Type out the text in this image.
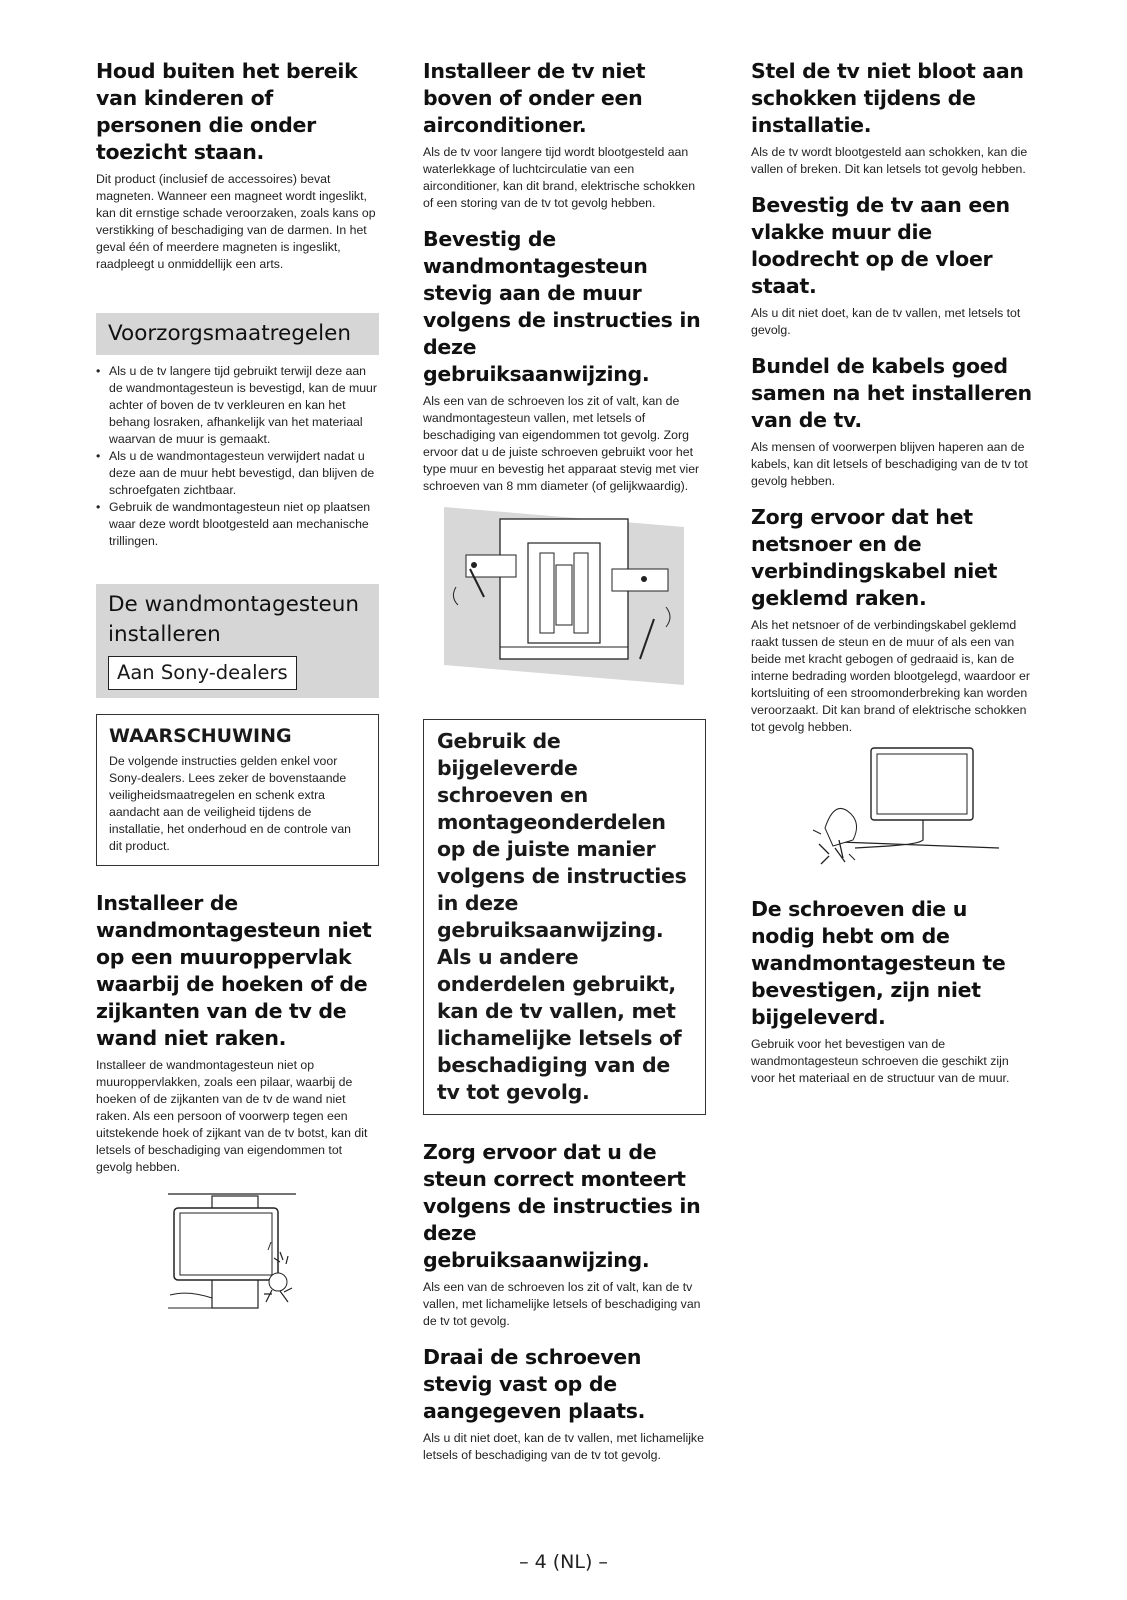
Houd buiten het bereik van kinderen of personen die onder toezicht staan.

Dit product (inclusief de accessoires) bevat magneten. Wanneer een magneet wordt ingeslikt, kan dit ernstige schade veroorzaken, zoals kans op verstikking of beschadiging van de darmen. In het geval één of meerdere magneten is ingeslikt, raadpleegt u onmiddellijk een arts.

Voorzorgsmaatregelen
• Als u de tv langere tijd gebruikt terwijl deze aan de wandmontagesteun is bevestigd, kan de muur achter of boven de tv verkleuren en kan het behang losraken, afhankelijk van het materiaal waarvan de muur is gemaakt.
• Als u de wandmontagesteun verwijdert nadat u deze aan de muur hebt bevestigd, dan blijven de schroefgaten zichtbaar.
• Gebruik de wandmontagesteun niet op plaatsen waar deze wordt blootgesteld aan mechanische trillingen.
De wandmontagesteun installeren
Aan Sony-dealers
WAARSCHUWING

De volgende instructies gelden enkel voor Sony-dealers. Lees zeker de bovenstaande veiligheidsmaatregelen en schenk extra aandacht aan de veiligheid tijdens de installatie, het onderhoud en de controle van dit product.

Installeer de wandmontagesteun niet op een muuroppervlak waarbij de hoeken of de zijkanten van de tv de wand niet raken.

Installeer de wandmontagesteun niet op muuroppervlakken, zoals een pilaar, waarbij de hoeken of de zijkanten van de tv de wand niet raken. Als een persoon of voorwerp tegen een uitstekende hoek of zijkant van de tv botst, kan dit letsels of beschadiging van eigendommen tot gevolg hebben.

Installeer de tv niet boven of onder een airconditioner.

Als de tv voor langere tijd wordt blootgesteld aan waterlekkage of luchtcirculatie van een airconditioner, kan dit brand, elektrische schokken of een storing van de tv tot gevolg hebben.

Bevestig de wandmontagesteun stevig aan de muur volgens de instructies in deze gebruiksaanwijzing.

Als een van de schroeven los zit of valt, kan de wandmontagesteun vallen, met letsels of beschadiging van eigendommen tot gevolg. Zorg ervoor dat u de juiste schroeven gebruikt voor het type muur en bevestig het apparaat stevig met vier schroeven van 8 mm diameter (of gelijkwaardig).

Gebruik de bijgeleverde schroeven en montageonderdelen op de juiste manier volgens de instructies in deze gebruiksaanwijzing. Als u andere onderdelen gebruikt, kan de tv vallen, met lichamelijke letsels of beschadiging van de tv tot gevolg.
Zorg ervoor dat u de steun correct monteert volgens de instructies in deze gebruiksaanwijzing.

Als een van de schroeven los zit of valt, kan de tv vallen, met lichamelijke letsels of beschadiging van de tv tot gevolg.

Draai de schroeven stevig vast op de aangegeven plaats.

Als u dit niet doet, kan de tv vallen, met lichamelijke letsels of beschadiging van de tv tot gevolg.

Stel de tv niet bloot aan schokken tijdens de installatie.

Als de tv wordt blootgesteld aan schokken, kan die vallen of breken. Dit kan letsels tot gevolg hebben.

Bevestig de tv aan een vlakke muur die loodrecht op de vloer staat.

Als u dit niet doet, kan de tv vallen, met letsels tot gevolg.

Bundel de kabels goed samen na het installeren van de tv.

Als mensen of voorwerpen blijven haperen aan de kabels, kan dit letsels of beschadiging van de tv tot gevolg hebben.

Zorg ervoor dat het netsnoer en de verbindingskabel niet geklemd raken.

Als het netsnoer of de verbindingskabel geklemd raakt tussen de steun en de muur of als een van beide met kracht gebogen of gedraaid is, kan de interne bedrading worden blootgelegd, waardoor er kortsluiting of een stroomonderbreking kan worden veroorzaakt. Dit kan brand of elektrische schokken tot gevolg hebben.

De schroeven die u nodig hebt om de wandmontagesteun te bevestigen, zijn niet bijgeleverd.

Gebruik voor het bevestigen van de wandmontagesteun schroeven die geschikt zijn voor het materiaal en de structuur van de muur.

– 4 (NL) –
